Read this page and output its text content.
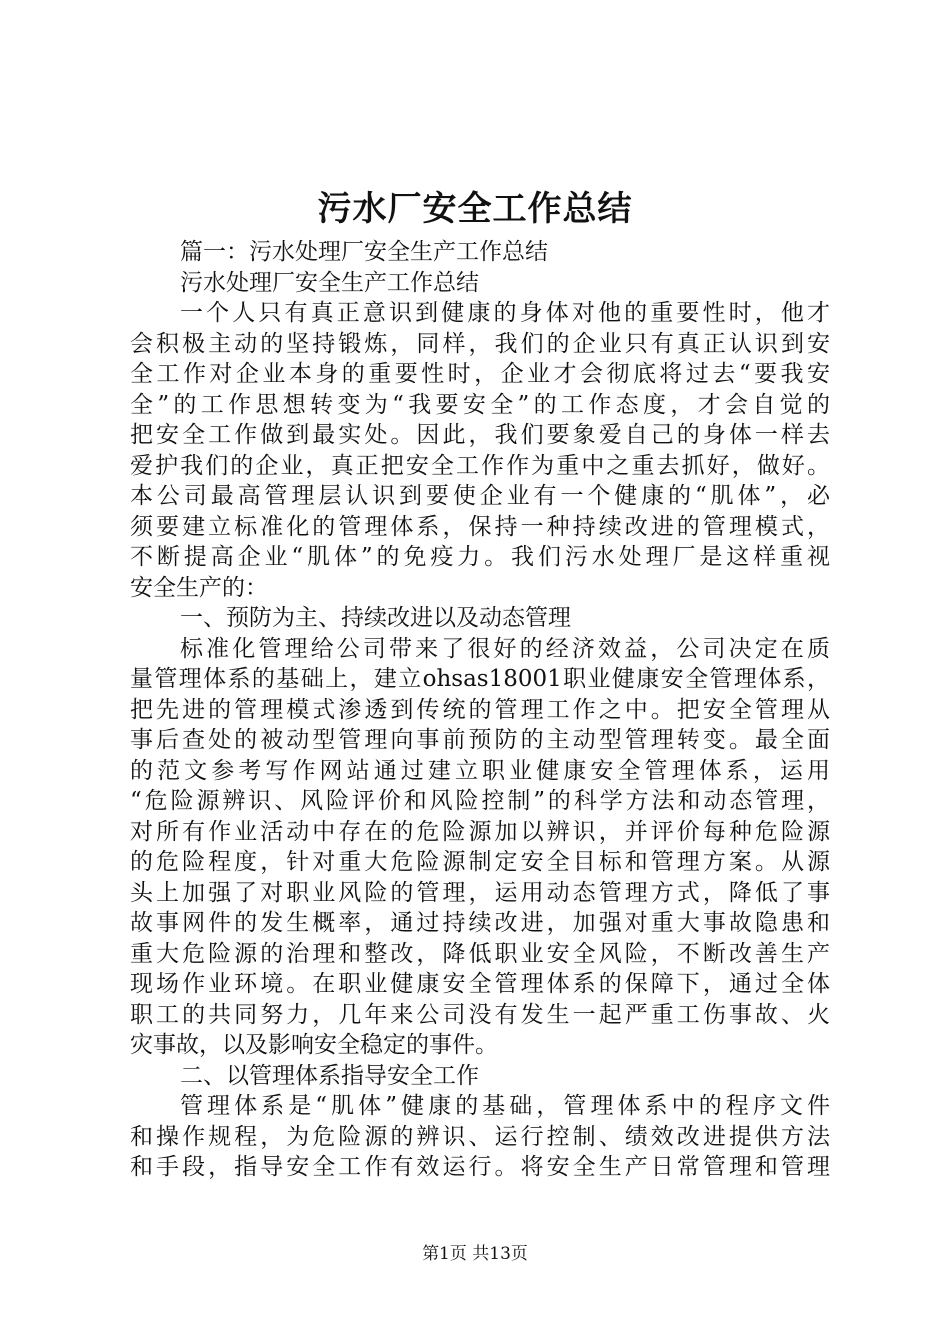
污水厂安全工作总结
篇一：污水处理厂安全生产工作总结
污水处理厂安全生产工作总结
一个人只有真正意识到健康的身体对他的重要性时，他才
会积极主动的坚持锻炼，同样，我们的企业只有真正认识到安
全工作对企业本身的重要性时，企业才会彻底将过去“要我安
全”的工作思想转变为“我要安全”的工作态度，才会自觉的
把安全工作做到最实处。因此，我们要象爱自己的身体一样去
爱护我们的企业，真正把安全工作作为重中之重去抓好，做好。
本公司最高管理层认识到要使企业有一个健康的“肌体”，必
须要建立标准化的管理体系，保持一种持续改进的管理模式，
不断提高企业“肌体”的免疫力。我们污水处理厂是这样重视
安全生产的：
一、预防为主、持续改进以及动态管理
标准化管理给公司带来了很好的经济效益，公司决定在质
量管理体系的基础上，建立ohsas18001职业健康安全管理体系，
把先进的管理模式渗透到传统的管理工作之中。把安全管理从
事后查处的被动型管理向事前预防的主动型管理转变。最全面
的范文参考写作网站通过建立职业健康安全管理体系，运用
“危险源辨识、风险评价和风险控制”的科学方法和动态管理，
对所有作业活动中存在的危险源加以辨识，并评价每种危险源
的危险程度，针对重大危险源制定安全目标和管理方案。从源
头上加强了对职业风险的管理，运用动态管理方式，降低了事
故事网件的发生概率，通过持续改进，加强对重大事故隐患和
重大危险源的治理和整改，降低职业安全风险，不断改善生产
现场作业环境。在职业健康安全管理体系的保障下，通过全体
职工的共同努力，几年来公司没有发生一起严重工伤事故、火
灾事故，以及影响安全稳定的事件。
二、以管理体系指导安全工作
管理体系是“肌体”健康的基础，管理体系中的程序文件
和操作规程，为危险源的辨识、运行控制、绩效改进提供方法
和手段，指导安全工作有效运行。将安全生产日常管理和管理
第1页 共13页
